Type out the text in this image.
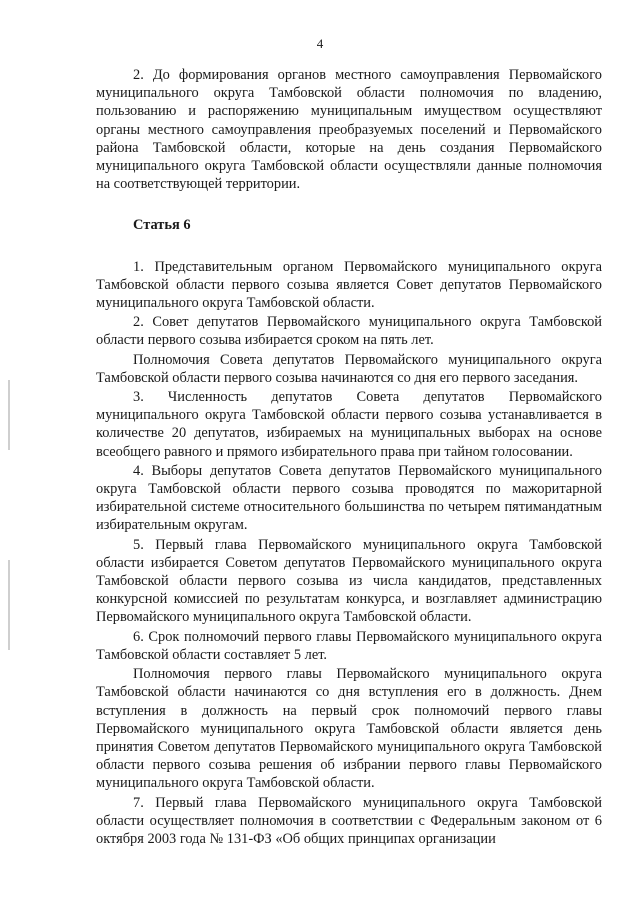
4

2. До формирования органов местного самоуправления Первомайского муниципального округа Тамбовской области полномочия по владению, пользованию и распоряжению муниципальным имуществом осуществляют органы местного самоуправления преобразуемых поселений и Первомайского района Тамбовской области, которые на день создания Первомайского муниципального округа Тамбовской области осуществляли данные полномочия на соответствующей территории.

Статья 6

1. Представительным органом Первомайского муниципального округа Тамбовской области первого созыва является Совет депутатов Первомайского муниципального округа Тамбовской области.

2. Совет депутатов Первомайского муниципального округа Тамбовской области первого созыва избирается сроком на пять лет.

Полномочия Совета депутатов Первомайского муниципального округа Тамбовской области первого созыва начинаются со дня его первого заседания.

3. Численность депутатов Совета депутатов Первомайского муниципального округа Тамбовской области первого созыва устанавливается в количестве 20 депутатов, избираемых на муниципальных выборах на основе всеобщего равного и прямого избирательного права при тайном голосовании.

4. Выборы депутатов Совета депутатов Первомайского муниципального округа Тамбовской области первого созыва проводятся по мажоритарной избирательной системе относительного большинства по четырем пятимандатным избирательным округам.

5. Первый глава Первомайского муниципального округа Тамбовской области избирается Советом депутатов Первомайского муниципального округа Тамбовской области первого созыва из числа кандидатов, представленных конкурсной комиссией по результатам конкурса, и возглавляет администрацию Первомайского муниципального округа Тамбовской области.

6. Срок полномочий первого главы Первомайского муниципального округа Тамбовской области составляет 5 лет.

Полномочия первого главы Первомайского муниципального округа Тамбовской области начинаются со дня вступления его в должность. Днем вступления в должность на первый срок полномочий первого главы Первомайского муниципального округа Тамбовской области является день принятия Советом депутатов Первомайского муниципального округа Тамбовской области первого созыва решения об избрании первого главы Первомайского муниципального округа Тамбовской области.

7. Первый глава Первомайского муниципального округа Тамбовской области осуществляет полномочия в соответствии с Федеральным законом от 6 октября 2003 года № 131-ФЗ «Об общих принципах организации
